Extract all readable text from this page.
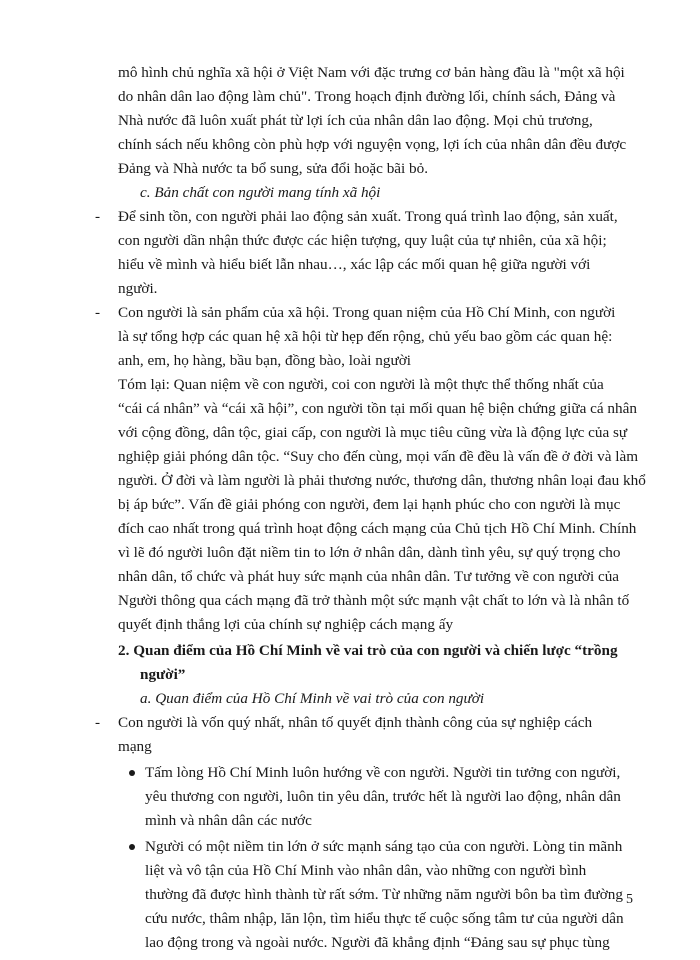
mô hình chủ nghĩa xã hội ở Việt Nam với đặc trưng cơ bản hàng đầu là "một xã hội
do nhân dân lao động làm chủ". Trong hoạch định đường lối, chính sách, Đảng và
Nhà nước đã luôn xuất phát từ lợi ích của nhân dân lao động. Mọi chủ trương,
chính sách nếu không còn phù hợp với nguyện vọng, lợi ích của nhân dân đều được
Đảng và Nhà nước ta bổ sung, sửa đổi hoặc bãi bỏ.
c. Bản chất con người mang tính xã hội
- Để sinh tồn, con người phải lao động sản xuất. Trong quá trình lao động, sản xuất,
con người dần nhận thức được các hiện tượng, quy luật của tự nhiên, của xã hội;
hiểu về mình và hiểu biết lẫn nhau…, xác lập các mối quan hệ giữa người với
người.
- Con người là sản phẩm của xã hội. Trong quan niệm của Hồ Chí Minh, con người
là sự tổng hợp các quan hệ xã hội từ hẹp đến rộng, chủ yếu bao gồm các quan hệ:
anh, em, họ hàng, bầu bạn, đồng bào, loài người
Tóm lại: Quan niệm về con người, coi con người là một thực thể thống nhất của
“cái cá nhân” và “cái xã hội”, con người tồn tại mối quan hệ biện chứng giữa cá nhân
với cộng đồng, dân tộc, giai cấp, con người là mục tiêu cũng vừa là động lực của sự
nghiệp giải phóng dân tộc. “Suy cho đến cùng, mọi vấn đề đều là vấn đề ở đời và làm
người. Ở đời và làm người là phải thương nước, thương dân, thương nhân loại đau khổ
bị áp bức”. Vấn đề giải phóng con người, đem lại hạnh phúc cho con người là mục
đích cao nhất trong quá trình hoạt động cách mạng của Chủ tịch Hồ Chí Minh. Chính
vì lẽ đó người luôn đặt niềm tin to lớn ở nhân dân, dành tình yêu, sự quý trọng cho
nhân dân, tổ chức và phát huy sức mạnh của nhân dân. Tư tưởng về con người của
Người thông qua cách mạng đã trở thành một sức mạnh vật chất to lớn và là nhân tố
quyết định thắng lợi của chính sự nghiệp cách mạng ấy
2. Quan điểm của Hồ Chí Minh về vai trò của con người và chiến lược “trồng
người”
a. Quan điểm của Hồ Chí Minh về vai trò của con người
- Con người là vốn quý nhất, nhân tố quyết định thành công của sự nghiệp cách
mạng
Tấm lòng Hồ Chí Minh luôn hướng về con người. Người tin tưởng con người,
yêu thương con người, luôn tin yêu dân, trước hết là người lao động, nhân dân
mình và nhân dân các nước
Người có một niềm tin lớn ở sức mạnh sáng tạo của con người. Lòng tin mãnh
liệt và vô tận của Hồ Chí Minh vào nhân dân, vào những con người bình
thường đã được hình thành từ rất sớm. Từ những năm người bôn ba tìm đường
cứu nước, thâm nhập, lăn lộn, tìm hiểu thực tế cuộc sống tâm tư của người dân
lao động trong và ngoài nước. Người đã khẳng định “Đảng sau sự phục tùng
5
